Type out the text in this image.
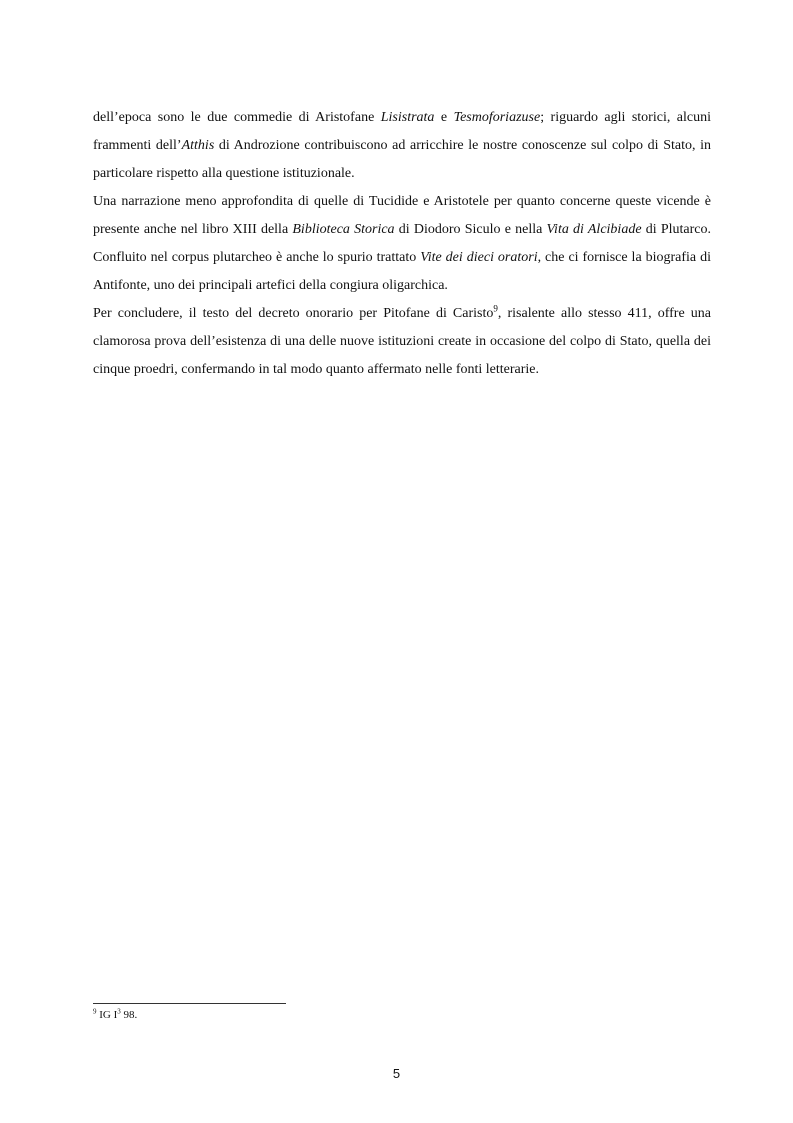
dell’epoca sono le due commedie di Aristofane Lisistrata e Tesmoforiazuse; riguardo agli storici, alcuni frammenti dell’Atthis di Androzione contribuiscono ad arricchire le nostre conoscenze sul colpo di Stato, in particolare rispetto alla questione istituzionale.

Una narrazione meno approfondita di quelle di Tucidide e Aristotele per quanto concerne queste vicende è presente anche nel libro XIII della Biblioteca Storica di Diodoro Siculo e nella Vita di Alcibiade di Plutarco. Confluito nel corpus plutarcheo è anche lo spurio trattato Vite dei dieci oratori, che ci fornisce la biografia di Antifonte, uno dei principali artefici della congiura oligarchica.

Per concludere, il testo del decreto onorario per Pitofane di Caristo$^9$, risalente allo stesso 411, offre una clamorosa prova dell’esistenza di una delle nuove istituzioni create in occasione del colpo di Stato, quella dei cinque proedri, confermando in tal modo quanto affermato nelle fonti letterarie.

$^9$ IG $I^3$ 98.
5
